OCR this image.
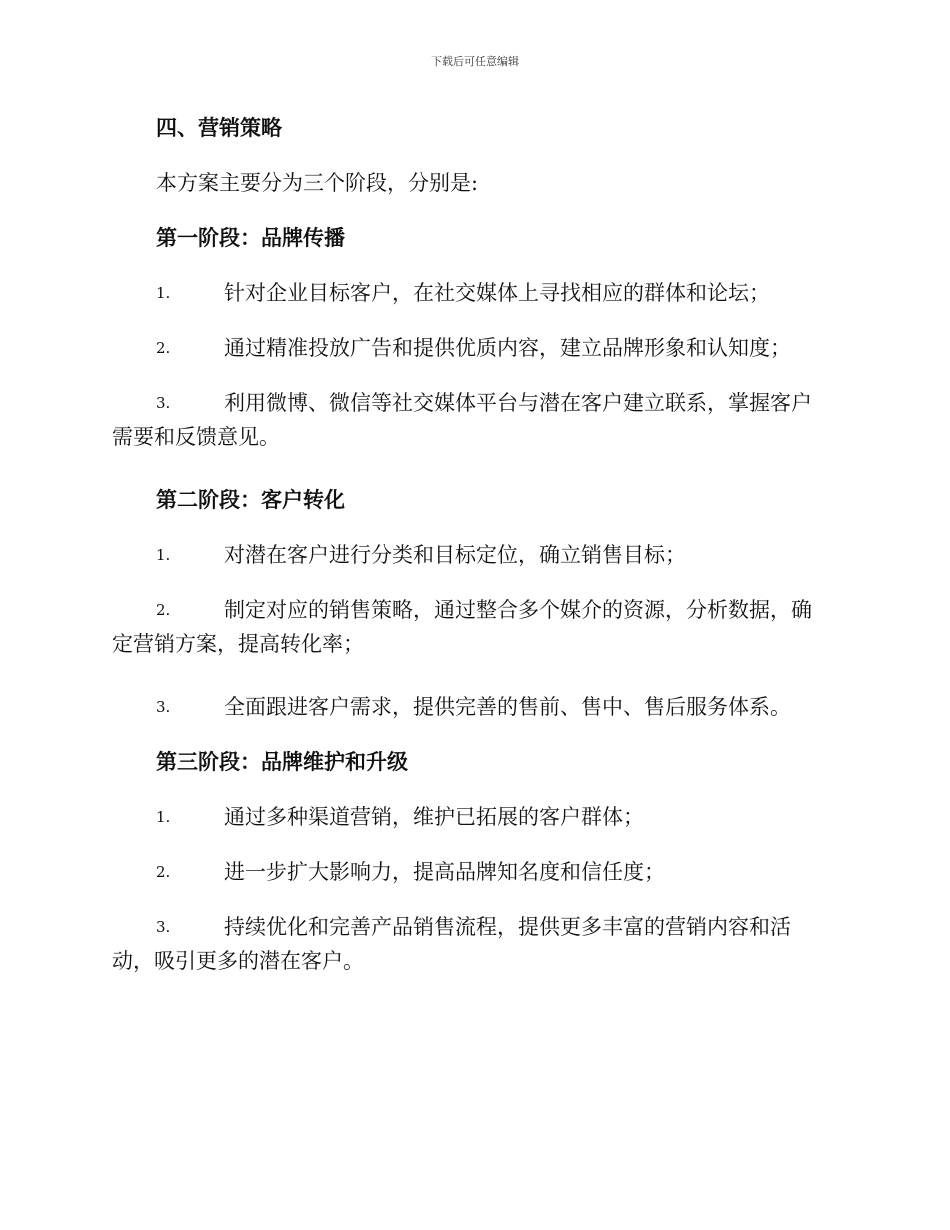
下载后可任意编辑
四、营销策略
本方案主要分为三个阶段，分别是:
第一阶段：品牌传播
1.	针对企业目标客户，在社交媒体上寻找相应的群体和论坛；
2.	通过精准投放广告和提供优质内容，建立品牌形象和认知度；
3.	利用微博、微信等社交媒体平台与潜在客户建立联系，掌握客户
需要和反馈意见。
第二阶段：客户转化
1.	对潜在客户进行分类和目标定位，确立销售目标；
2.	制定对应的销售策略，通过整合多个媒介的资源，分析数据，确
定营销方案，提高转化率；
3.	全面跟进客户需求，提供完善的售前、售中、售后服务体系。
第三阶段：品牌维护和升级
1.	通过多种渠道营销，维护已拓展的客户群体；
2.	进一步扩大影响力，提高品牌知名度和信任度；
3.	持续优化和完善产品销售流程，提供更多丰富的营销内容和活
动，吸引更多的潜在客户。
